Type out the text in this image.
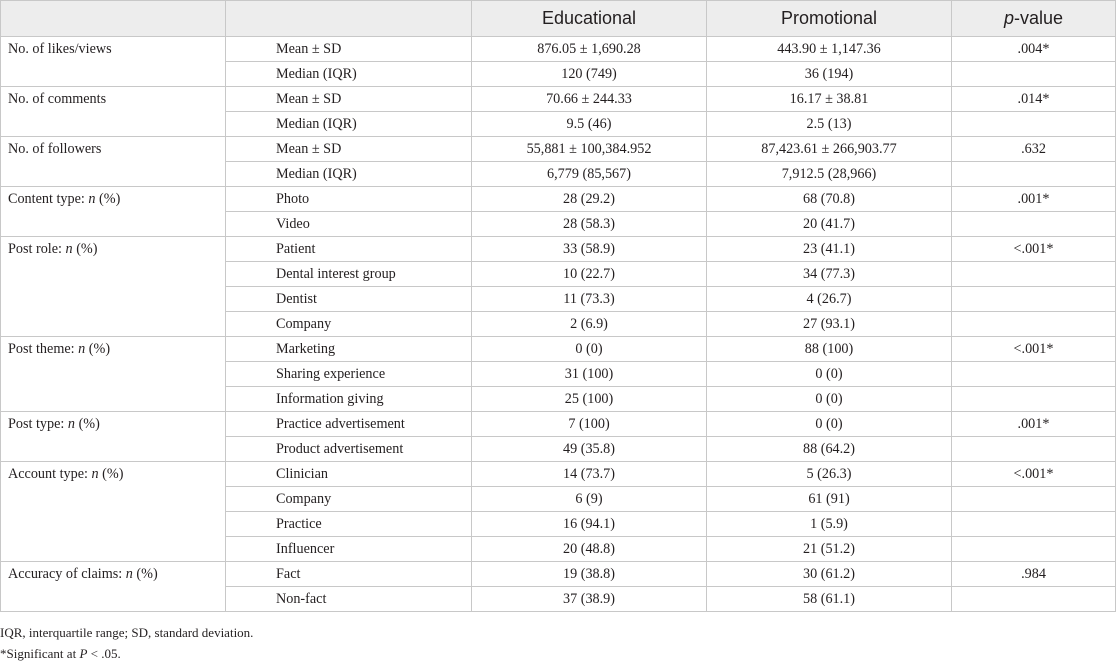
		Educational	Promotional	p-value
No. of likes/views	Mean ± SD	876.05 ± 1,690.28	443.90 ± 1,147.36	.004*
	Median (IQR)	120 (749)	36 (194)	
No. of comments	Mean ± SD	70.66 ± 244.33	16.17 ± 38.81	.014*
	Median (IQR)	9.5 (46)	2.5 (13)	
No. of followers	Mean ± SD	55,881 ± 100,384.952	87,423.61 ± 266,903.77	.632
	Median (IQR)	6,779 (85,567)	7,912.5 (28,966)	
Content type: n (%)	Photo	28 (29.2)	68 (70.8)	.001*
	Video	28 (58.3)	20 (41.7)	
Post role: n (%)	Patient	33 (58.9)	23 (41.1)	<.001*
	Dental interest group	10 (22.7)	34 (77.3)	
	Dentist	11 (73.3)	4 (26.7)	
	Company	2 (6.9)	27 (93.1)	
Post theme: n (%)	Marketing	0 (0)	88 (100)	<.001*
	Sharing experience	31 (100)	0 (0)	
	Information giving	25 (100)	0 (0)	
Post type: n (%)	Practice advertisement	7 (100)	0 (0)	.001*
	Product advertisement	49 (35.8)	88 (64.2)	
Account type: n (%)	Clinician	14 (73.7)	5 (26.3)	<.001*
	Company	6 (9)	61 (91)	
	Practice	16 (94.1)	1 (5.9)	
	Influencer	20 (48.8)	21 (51.2)	
Accuracy of claims: n (%)	Fact	19 (38.8)	30 (61.2)	.984
	Non-fact	37 (38.9)	58 (61.1)	
IQR, interquartile range; SD, standard deviation.
*Significant at P < .05.
